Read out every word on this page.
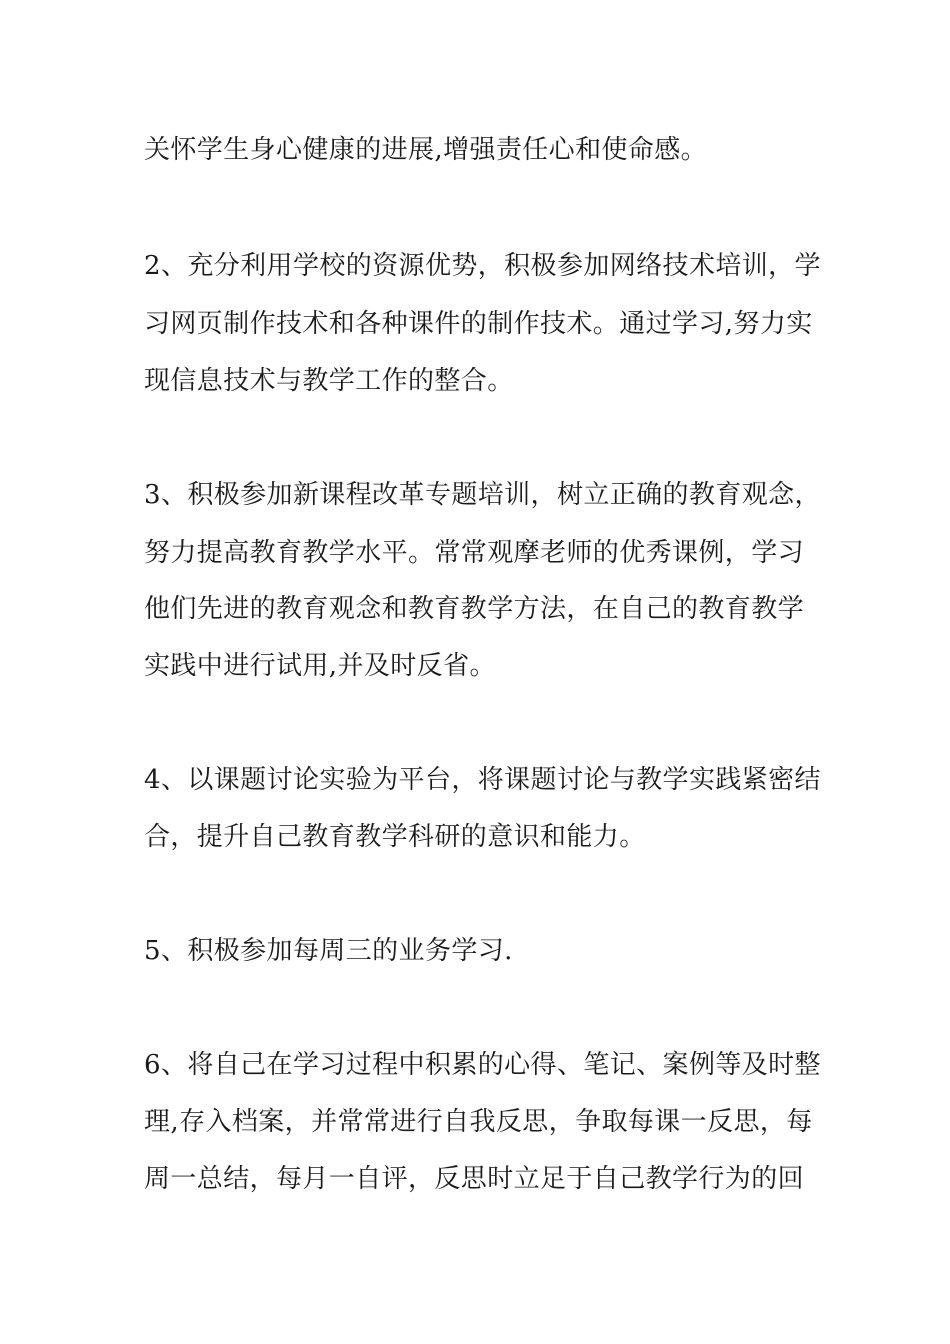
关怀学生身心健康的进展,增强责任心和使命感。
2、充分利用学校的资源优势，积极参加网络技术培训，学
习网页制作技术和各种课件的制作技术。通过学习,努力实
现信息技术与教学工作的整合。
3、积极参加新课程改革专题培训，树立正确的教育观念，
努力提高教育教学水平。常常观摩老师的优秀课例，学习
他们先进的教育观念和教育教学方法，在自己的教育教学
实践中进行试用,并及时反省。
4、以课题讨论实验为平台，将课题讨论与教学实践紧密结
合，提升自己教育教学科研的意识和能力。
5、积极参加每周三的业务学习.
6、将自己在学习过程中积累的心得、笔记、案例等及时整
理,存入档案，并常常进行自我反思，争取每课一反思，每
周一总结，每月一自评，反思时立足于自己教学行为的回
